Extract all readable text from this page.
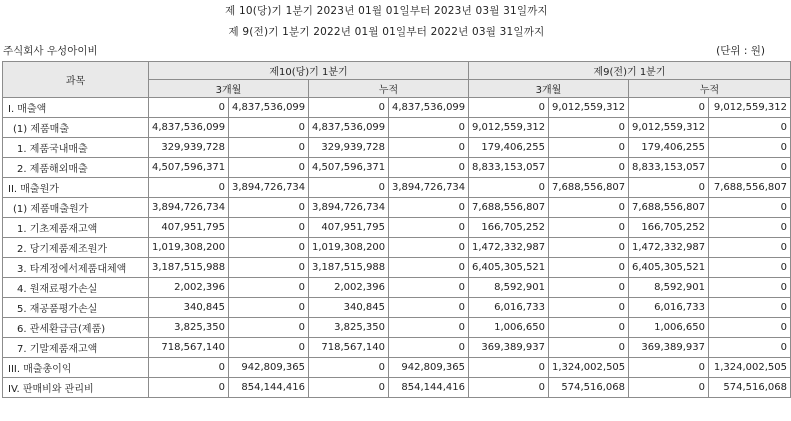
제 10(당)기 1분기 2023년 01월 01일부터 2023년 03월 31일까지
제 9(전)기 1분기 2022년 01월 01일부터 2022년 03월 31일까지
주식회사 우성아이비	(단위 : 원)
과목	제10(당)기 1분기				제9(전)기 1분기			
	3개월		누적		3개월		누적	
I. 매출액	0	4,837,536,099	0	4,837,536,099	0	9,012,559,312	0	9,012,559,312
(1) 제품매출	4,837,536,099	0	4,837,536,099	0	9,012,559,312	0	9,012,559,312	0
1. 제품국내매출	329,939,728	0	329,939,728	0	179,406,255	0	179,406,255	0
2. 제품해외매출	4,507,596,371	0	4,507,596,371	0	8,833,153,057	0	8,833,153,057	0
II. 매출원가	0	3,894,726,734	0	3,894,726,734	0	7,688,556,807	0	7,688,556,807
(1) 제품매출원가	3,894,726,734	0	3,894,726,734	0	7,688,556,807	0	7,688,556,807	0
1. 기초제품재고액	407,951,795	0	407,951,795	0	166,705,252	0	166,705,252	0
2. 당기제품제조원가	1,019,308,200	0	1,019,308,200	0	1,472,332,987	0	1,472,332,987	0
3. 타계정에서제품대체액	3,187,515,988	0	3,187,515,988	0	6,405,305,521	0	6,405,305,521	0
4. 원재료평가손실	2,002,396	0	2,002,396	0	8,592,901	0	8,592,901	0
5. 재공품평가손실	340,845	0	340,845	0	6,016,733	0	6,016,733	0
6. 관세환급금(제품)	3,825,350	0	3,825,350	0	1,006,650	0	1,006,650	0
7. 기말제품재고액	718,567,140	0	718,567,140	0	369,389,937	0	369,389,937	0
III. 매출총이익	0	942,809,365	0	942,809,365	0	1,324,002,505	0	1,324,002,505
IV. 판매비와 관리비	0	854,144,416	0	854,144,416	0	574,516,068	0	574,516,068
